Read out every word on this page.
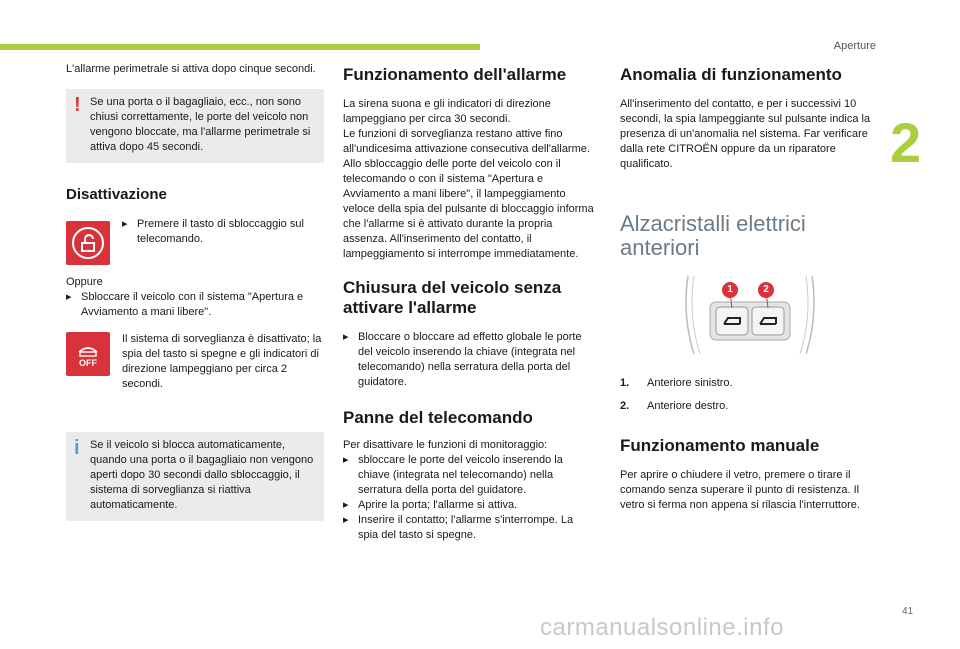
Aperture
2

L'allarme perimetrale si attiva dopo cinque secondi.

! Se una porta o il bagagliaio, ecc., non sono chiusi correttamente, le porte del veicolo non vengono bloccate, ma l'allarme perimetrale si attiva dopo 45 secondi.

Disattivazione
▸ Premere il tasto di sbloccaggio sul telecomando.

Oppure

▸ Sbloccare il veicolo con il sistema "Apertura e Avviamento a mani libere".
OFF

Il sistema di sorveglianza è disattivato; la spia del tasto si spegne e gli indicatori di direzione lampeggiano per circa 2 secondi.

i Se il veicolo si blocca automaticamente, quando una porta o il bagagliaio non vengono aperti dopo 30 secondi dallo sbloccaggio, il sistema di sorveglianza si riattiva automaticamente.

Funzionamento dell'allarme

La sirena suona e gli indicatori di direzione lampeggiano per circa 30 secondi.

Le funzioni di sorveglianza restano attive fino all'undicesima attivazione consecutiva dell'allarme.

Allo sbloccaggio delle porte del veicolo con il telecomando o con il sistema "Apertura e Avviamento a mani libere", il lampeggiamento veloce della spia del pulsante di bloccaggio informa che l'allarme si è attivato durante la propria assenza. All'inserimento del contatto, il lampeggiamento si interrompe immediatamente.

Chiusura del veicolo senza attivare l'allarme
▸ Bloccare o bloccare ad effetto globale le porte del veicolo inserendo la chiave (integrata nel telecomando) nella serratura della porta del guidatore.
Panne del telecomando

Per disattivare le funzioni di monitoraggio:

▸ sbloccare le porte del veicolo inserendo la chiave (integrata nel telecomando) nella serratura della porta del guidatore.
▸ Aprire la porta; l'allarme si attiva.
▸ Inserire il contatto; l'allarme s'interrompe. La spia del tasto si spegne.
Anomalia di funzionamento

All'inserimento del contatto, e per i successivi 10 secondi, la spia lampeggiante sul pulsante indica la presenza di un'anomalia nel sistema. Far verificare dalla rete CITROËN oppure da un riparatore qualificato.

Alzacristalli elettrici
anteriori
1	2
1. Anteriore sinistro.
2. Anteriore destro.
Funzionamento manuale

Per aprire o chiudere il vetro, premere o tirare il comando senza superare il punto di resistenza. Il vetro si ferma non appena si rilascia l'interruttore.

41
carmanualsonline.info
